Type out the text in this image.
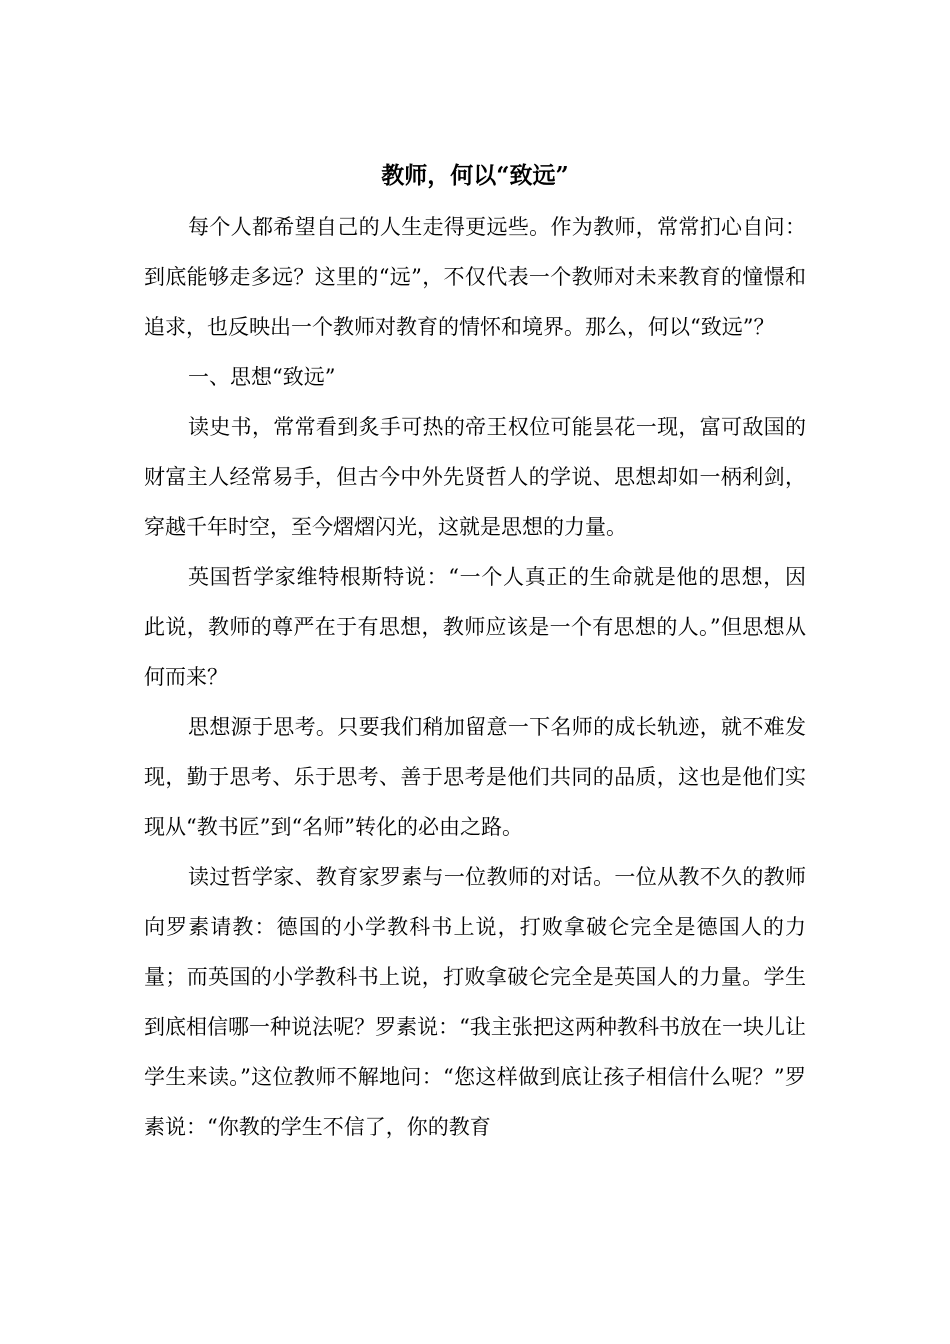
教师，何以“致远”

每个人都希望自己的人生走得更远些。作为教师，常常扪心自问：到底能够走多远？这里的“远”，不仅代表一个教师对未来教育的憧憬和追求，也反映出一个教师对教育的情怀和境界。那么，何以“致远”？

一、思想“致远”

读史书，常常看到炙手可热的帝王权位可能昙花一现，富可敌国的财富主人经常易手，但古今中外先贤哲人的学说、思想却如一柄利剑，穿越千年时空，至今熠熠闪光，这就是思想的力量。

英国哲学家维特根斯特说：“一个人真正的生命就是他的思想，因此说，教师的尊严在于有思想，教师应该是一个有思想的人。”但思想从何而来？

思想源于思考。只要我们稍加留意一下名师的成长轨迹，就不难发现，勤于思考、乐于思考、善于思考是他们共同的品质，这也是他们实现从“教书匠”到“名师”转化的必由之路。

读过哲学家、教育家罗素与一位教师的对话。一位从教不久的教师向罗素请教：德国的小学教科书上说，打败拿破仑完全是德国人的力量；而英国的小学教科书上说，打败拿破仑完全是英国人的力量。学生到底相信哪一种说法呢？罗素说：“我主张把这两种教科书放在一块儿让学生来读。”这位教师不解地问：“您这样做到底让孩子相信什么呢？”罗素说：“你教的学生不信了，你的教育
